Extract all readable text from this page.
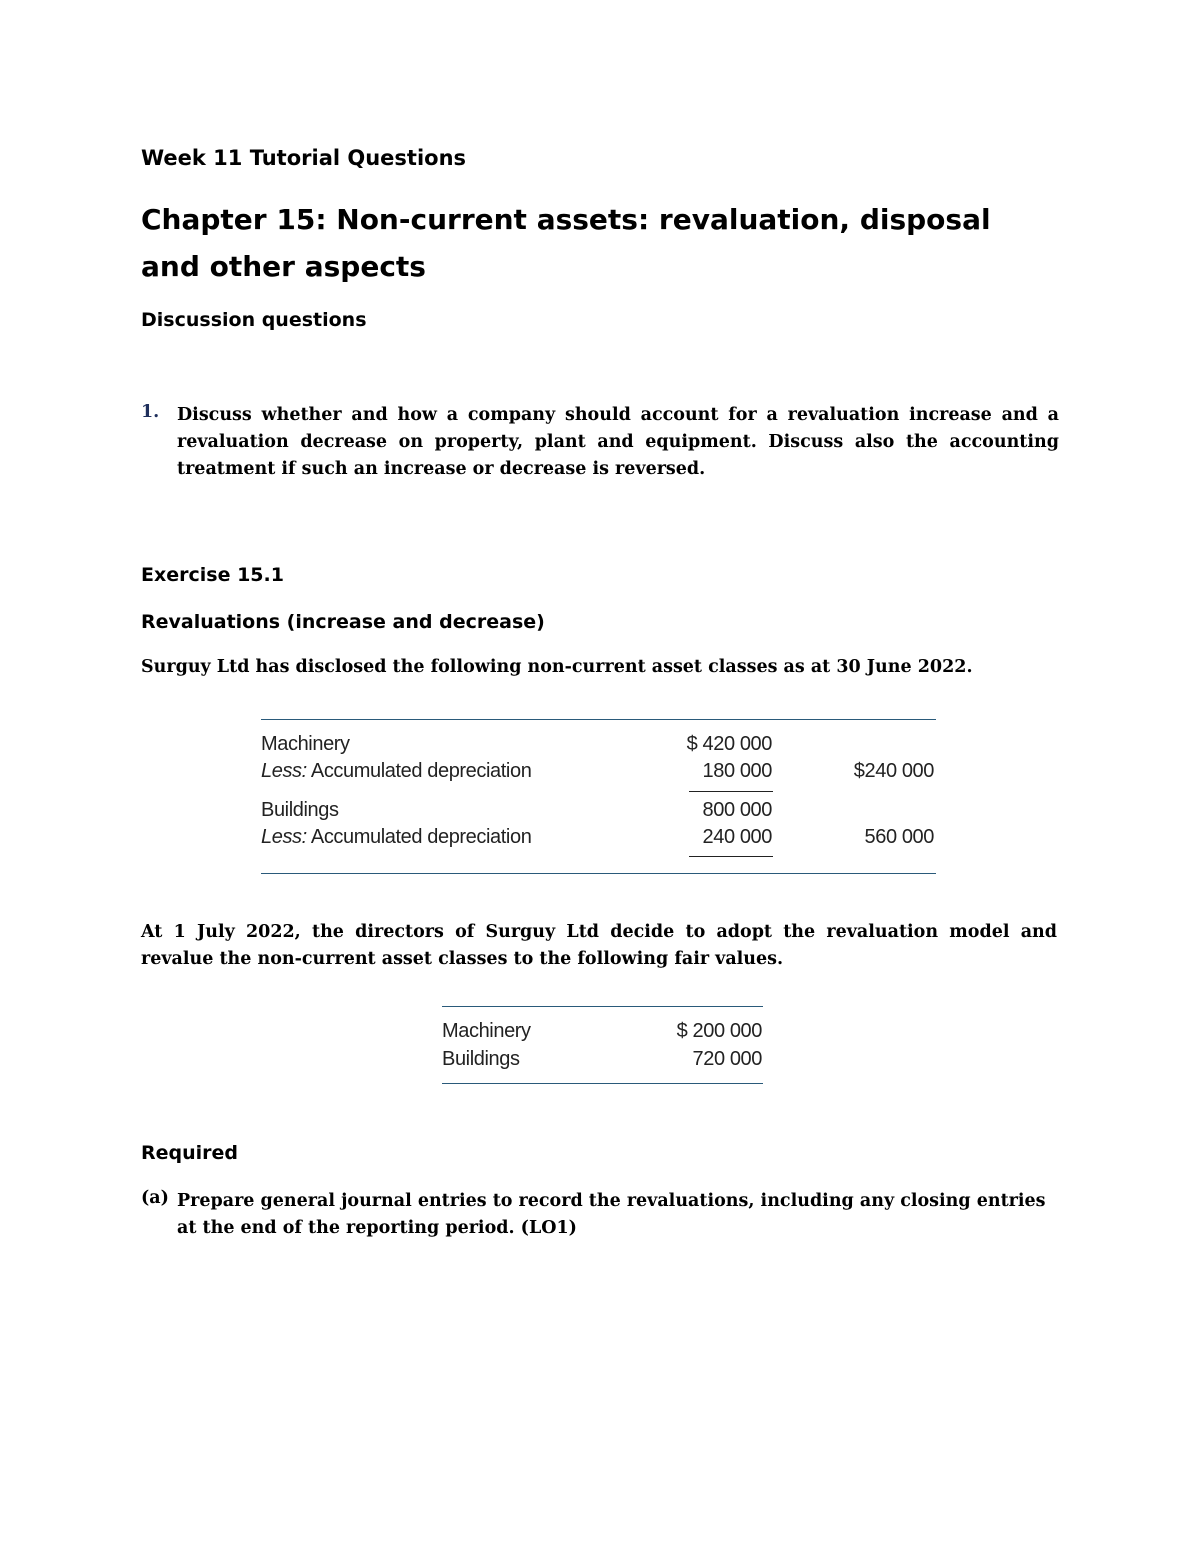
Week 11 Tutorial Questions
Chapter 15: Non-current assets: revaluation, disposal and other aspects
Discussion questions
1. Discuss whether and how a company should account for a revaluation increase and a revaluation decrease on property, plant and equipment. Discuss also the accounting treatment if such an increase or decrease is reversed.
Exercise 15.1
Revaluations (increase and decrease)
Surguy Ltd has disclosed the following non-current asset classes as at 30 June 2022.
Machinery	$ 420 000
Less: Accumulated depreciation	180 000	$240 000
Buildings	800 000
Less: Accumulated depreciation	240 000	560 000
At 1 July 2022, the directors of Surguy Ltd decide to adopt the revaluation model and revalue the non-current asset classes to the following fair values.
Machinery	$ 200 000
Buildings	720 000
Required
(a) Prepare general journal entries to record the revaluations, including any closing entries at the end of the reporting period. (LO1)
